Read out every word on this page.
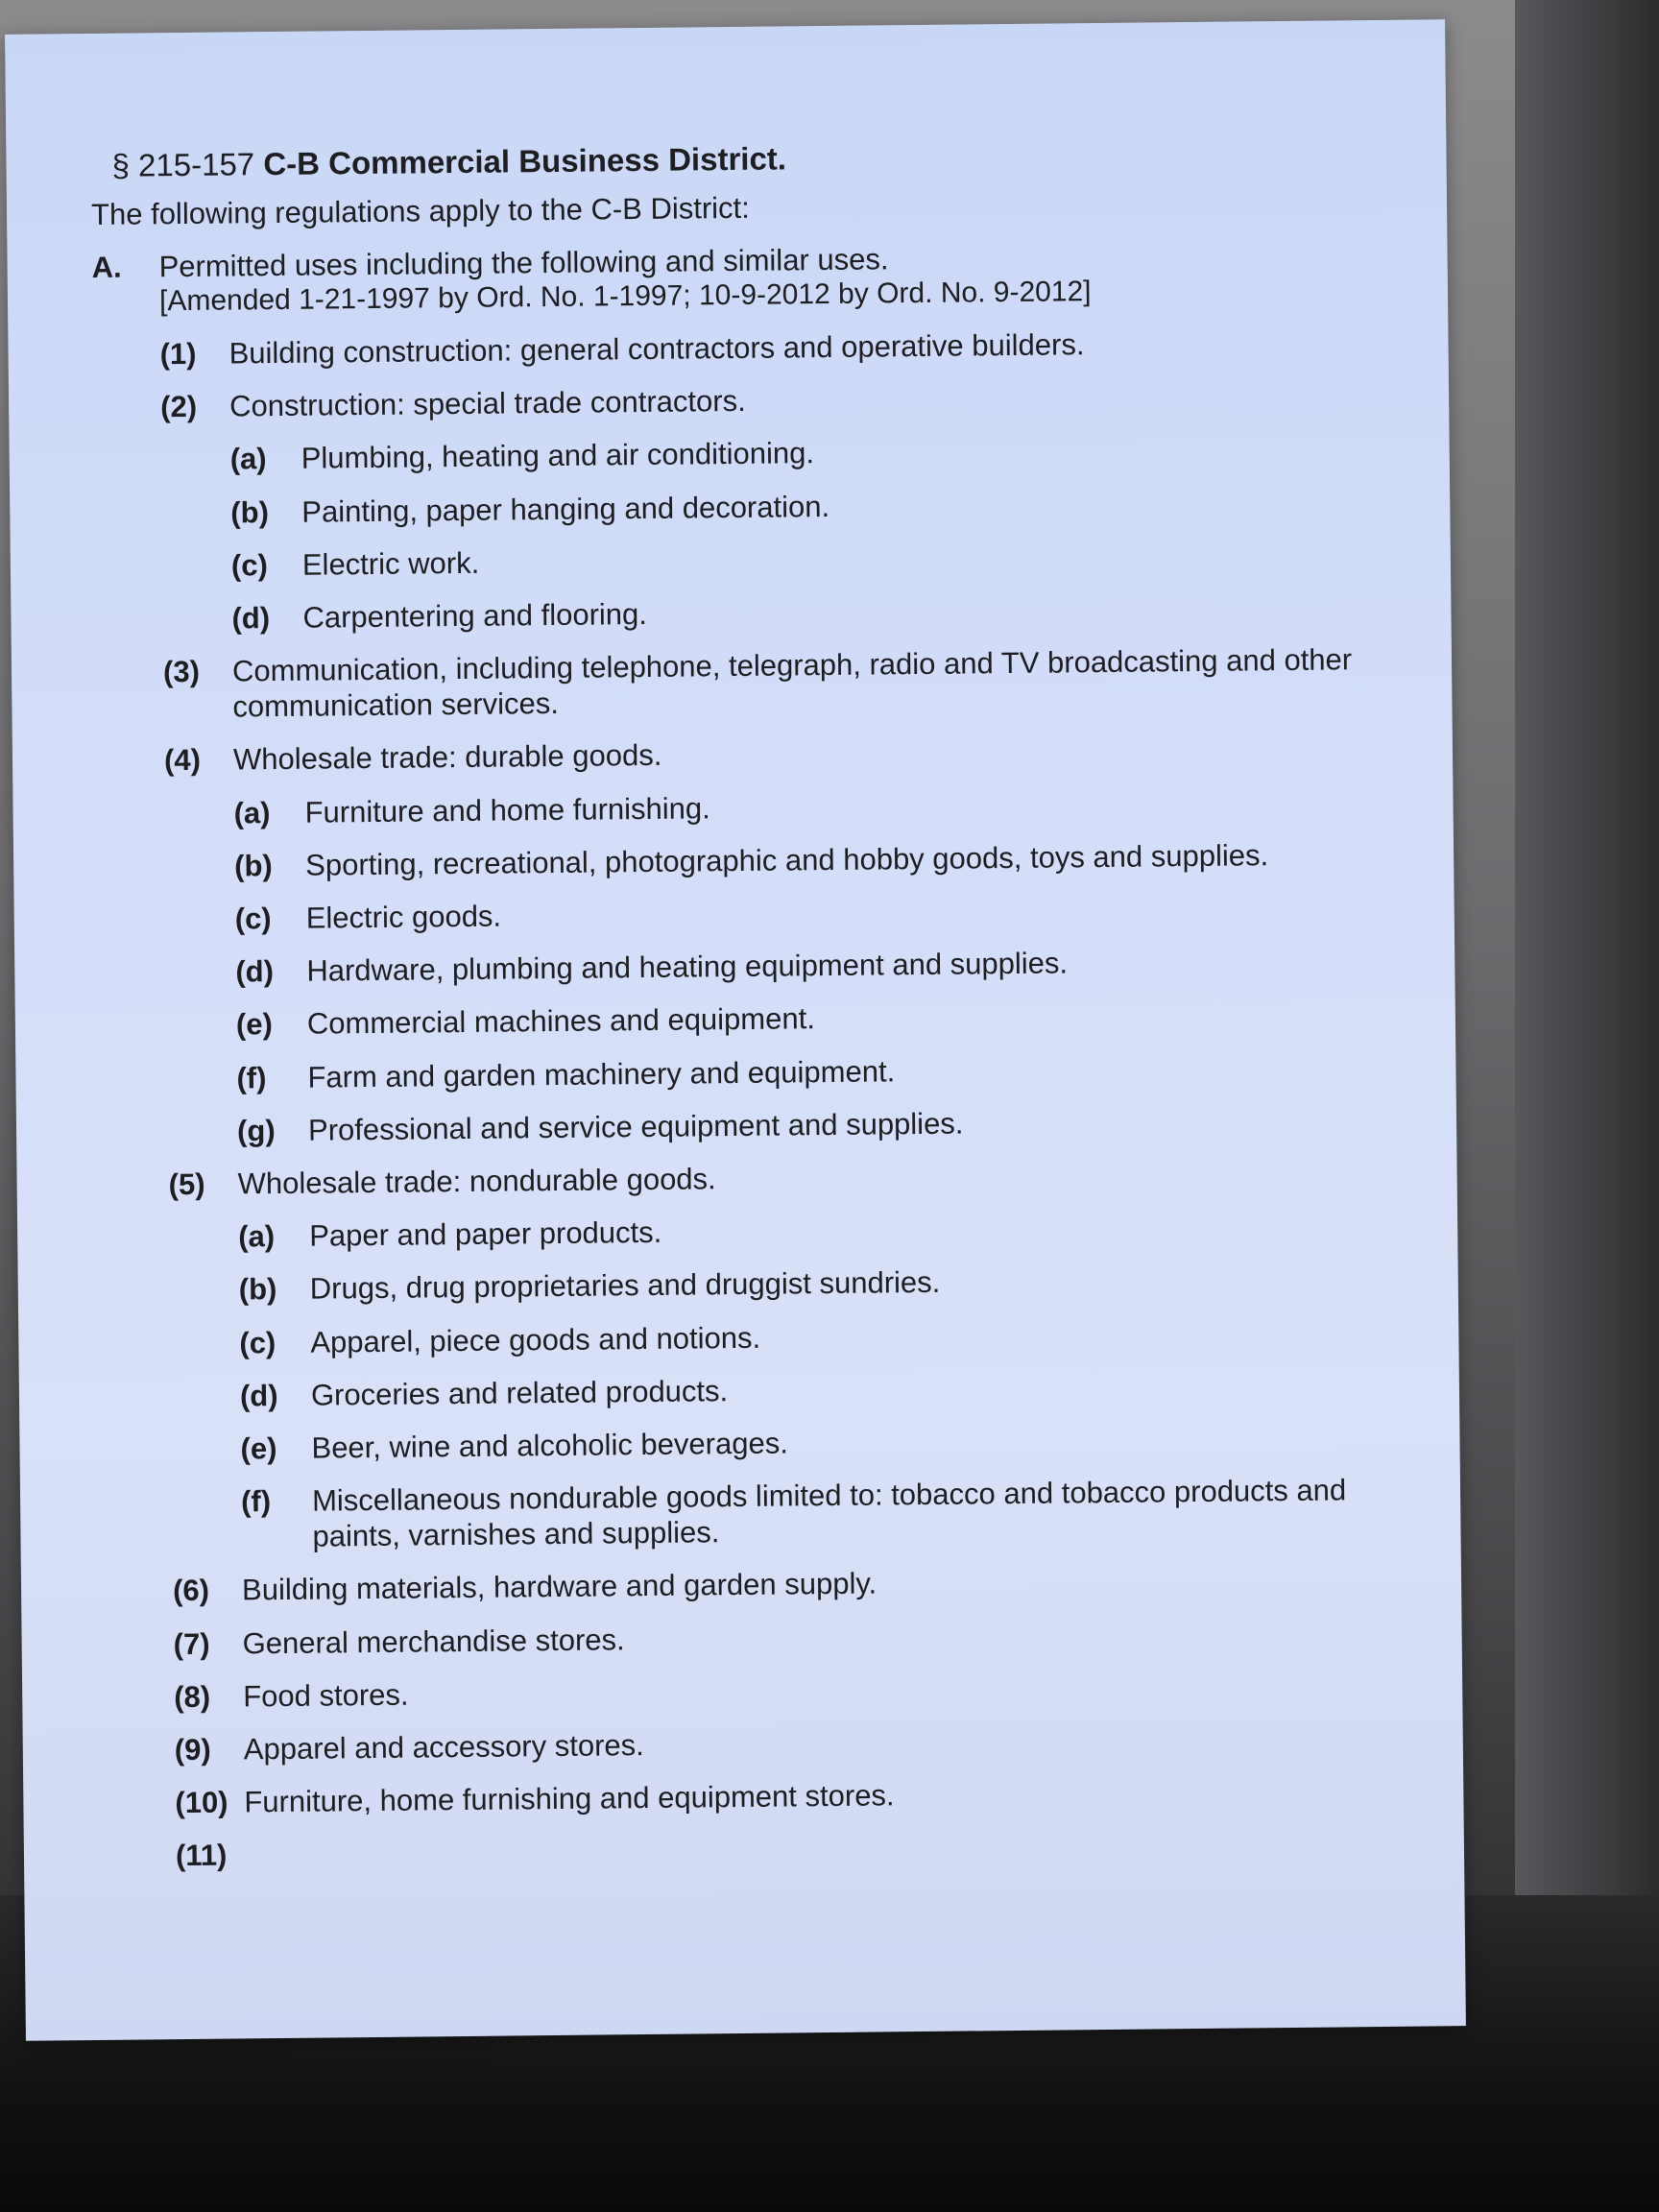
§ 215-157 C-B Commercial Business District.
The following regulations apply to the C-B District:
A.	Permitted uses including the following and similar uses.
[Amended 1-21-1997 by Ord. No. 1-1997; 10-9-2012 by Ord. No. 9-2012]
(1)	Building construction: general contractors and operative builders.
(2)	Construction: special trade contractors.
(a)	Plumbing, heating and air conditioning.
(b)	Painting, paper hanging and decoration.
(c)	Electric work.
(d)	Carpentering and flooring.
(3)	Communication, including telephone, telegraph, radio and TV broadcasting and other communication services.
(4)	Wholesale trade: durable goods.
(a)	Furniture and home furnishing.
(b)	Sporting, recreational, photographic and hobby goods, toys and supplies.
(c)	Electric goods.
(d)	Hardware, plumbing and heating equipment and supplies.
(e)	Commercial machines and equipment.
(f)	Farm and garden machinery and equipment.
(g)	Professional and service equipment and supplies.
(5)	Wholesale trade: nondurable goods.
(a)	Paper and paper products.
(b)	Drugs, drug proprietaries and druggist sundries.
(c)	Apparel, piece goods and notions.
(d)	Groceries and related products.
(e)	Beer, wine and alcoholic beverages.
(f)	Miscellaneous nondurable goods limited to: tobacco and tobacco products and paints, varnishes and supplies.
(6)	Building materials, hardware and garden supply.
(7)	General merchandise stores.
(8)	Food stores.
(9)	Apparel and accessory stores.
(10) Furniture, home furnishing and equipment stores.
(11)
